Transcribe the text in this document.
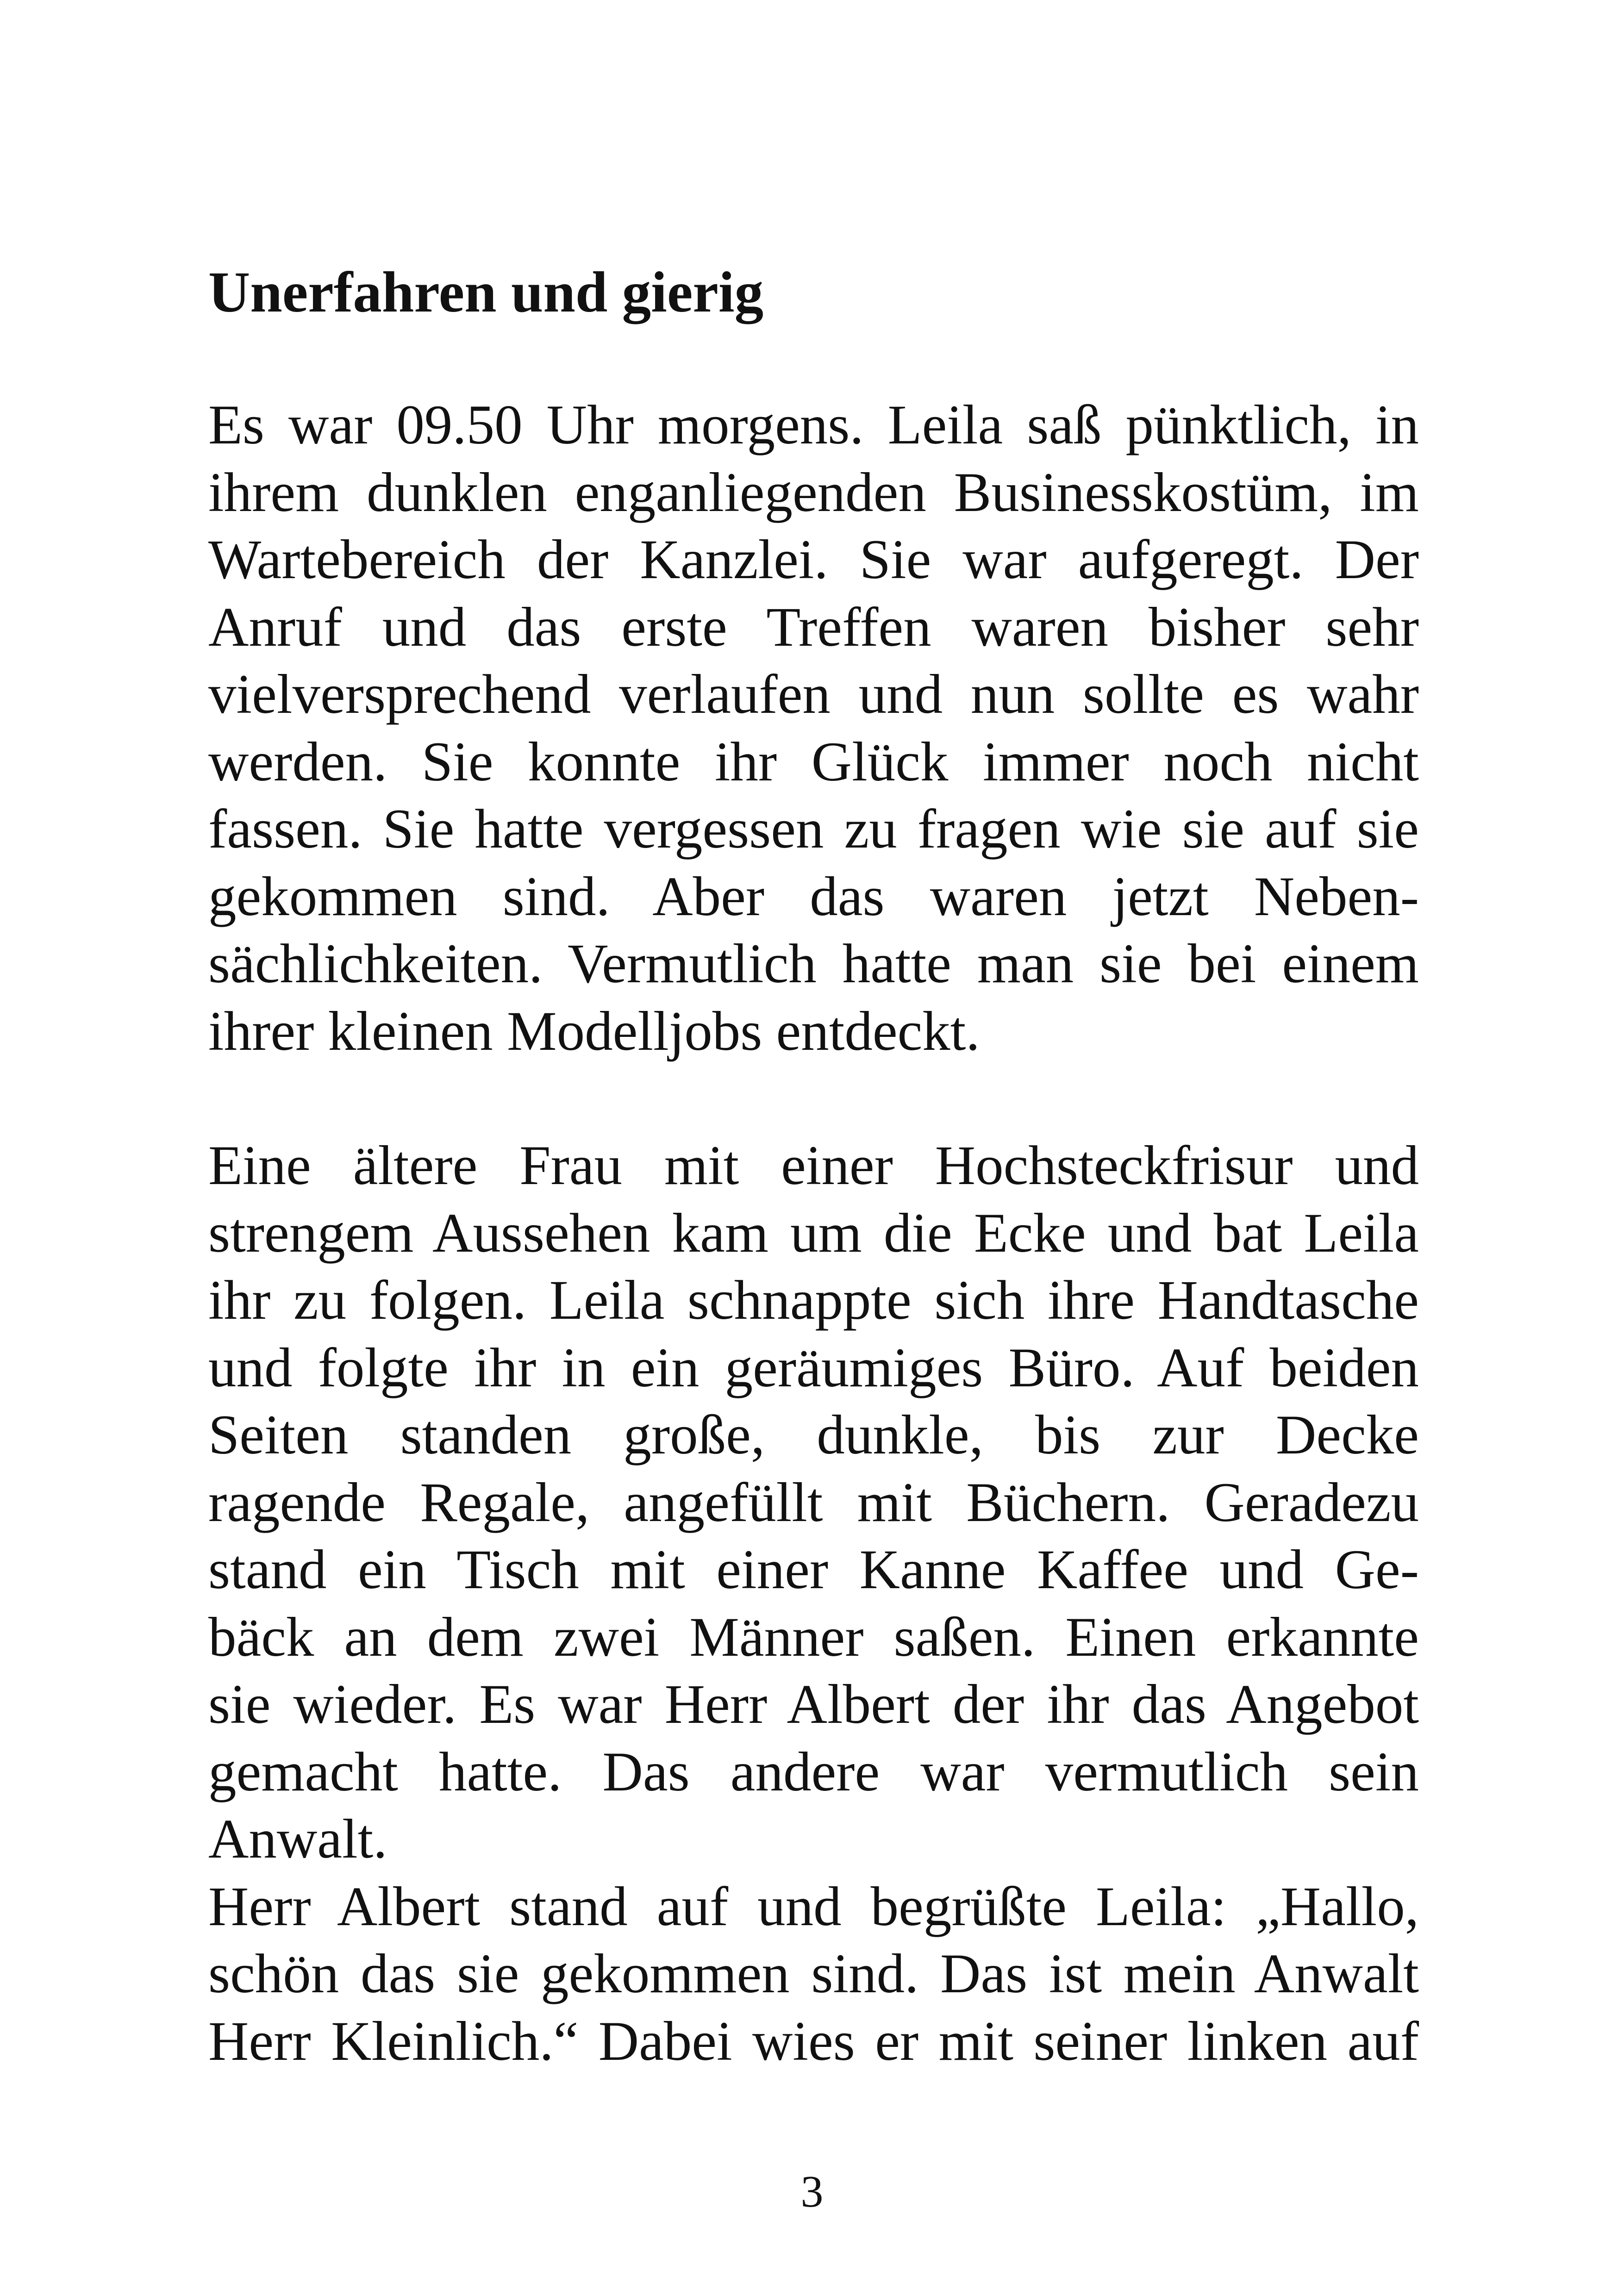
Unerfahren und gierig

Es war 09.50 Uhr morgens. Leila saß pünktlich, in
ihrem dunklen enganliegenden Businesskostüm, im
Wartebereich der Kanzlei. Sie war aufgeregt. Der
Anruf und das erste Treffen waren bisher sehr
vielversprechend verlaufen und nun sollte es wahr
werden. Sie konnte ihr Glück immer noch nicht
fassen. Sie hatte vergessen zu fragen wie sie auf sie
gekommen sind. Aber das waren jetzt Neben-
sächlichkeiten. Vermutlich hatte man sie bei einem
ihrer kleinen Modelljobs entdeckt.

Eine ältere Frau mit einer Hochsteckfrisur und
strengem Aussehen kam um die Ecke und bat Leila
ihr zu folgen. Leila schnappte sich ihre Handtasche
und folgte ihr in ein geräumiges Büro. Auf beiden
Seiten standen große, dunkle, bis zur Decke
ragende Regale, angefüllt mit Büchern. Geradezu
stand ein Tisch mit einer Kanne Kaffee und Ge-
bäck an dem zwei Männer saßen. Einen erkannte
sie wieder. Es war Herr Albert der ihr das Angebot
gemacht hatte. Das andere war vermutlich sein
Anwalt.

Herr Albert stand auf und begrüßte Leila: „Hallo,
schön das sie gekommen sind. Das ist mein Anwalt
Herr Kleinlich.“ Dabei wies er mit seiner linken auf

3
